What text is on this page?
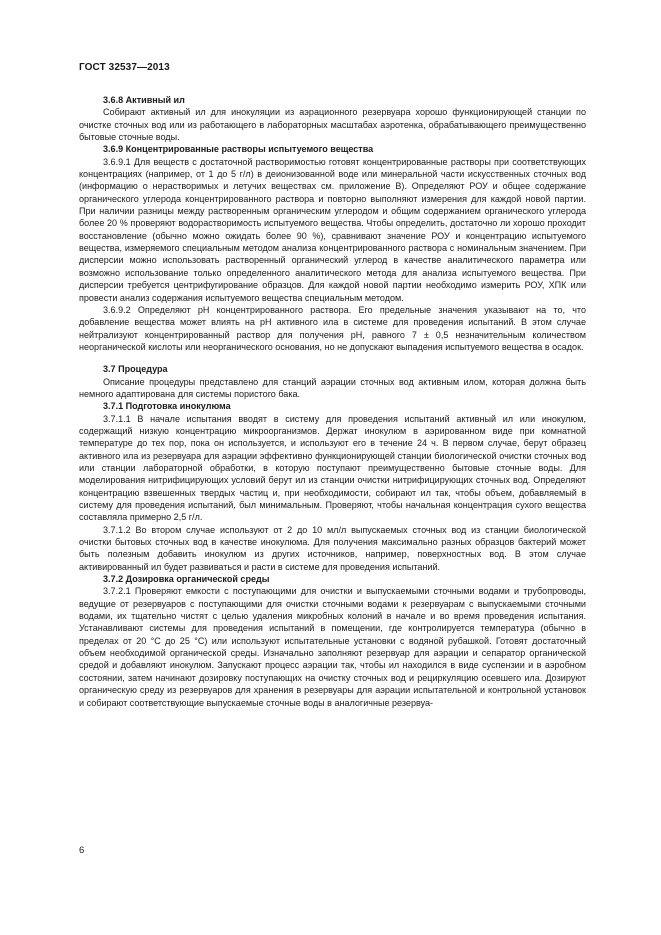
ГОСТ 32537—2013
3.6.8 Активный ил

Собирают активный ил для инокуляции из аэрационного резервуара хорошо функционирующей станции по очистке сточных вод или из работающего в лабораторных масштабах аэротенка, обрабатывающего преимущественно бытовые сточные воды.

3.6.9 Концентрированные растворы испытуемого вещества

3.6.9.1 Для веществ с достаточной растворимостью готовят концентрированные растворы при соответствующих концентрациях (например, от 1 до 5 г/л) в деионизованной воде или минеральной части искусственных сточных вод (информацию о нерастворимых и летучих веществах см. приложение В). Определяют РОУ и общее содержание органического углерода концентрированного раствора и повторно выполняют измерения для каждой новой партии. При наличии разницы между растворенным органическим углеродом и общим содержанием органического углерода более 20 % проверяют водорастворимость испытуемого вещества. Чтобы определить, достаточно ли хорошо проходит восстановление (обычно можно ожидать более 90 %), сравнивают значение РОУ и концентрацию испытуемого вещества, измеряемого специальным методом анализа концентрированного раствора с номинальным значением. При дисперсии можно использовать растворенный органический углерод в качестве аналитического параметра или возможно использование только определенного аналитического метода для анализа испытуемого вещества. При дисперсии требуется центрифугирование образцов. Для каждой новой партии необходимо измерить РОУ, ХПК или провести анализ содержания испытуемого вещества специальным методом.

3.6.9.2 Определяют pH концентрированного раствора. Его предельные значения указывают на то, что добавление вещества может влиять на pH активного ила в системе для проведения испытаний. В этом случае нейтрализуют концентрированный раствор для получения pH, равного 7 ± 0,5 незначительным количеством неорганической кислоты или неорганического основания, но не допускают выпадения испытуемого вещества в осадок.

3.7 Процедура

Описание процедуры представлено для станций аэрации сточных вод активным илом, которая должна быть немного адаптирована для системы пористого бака.

3.7.1 Подготовка инокулюма

3.7.1.1 В начале испытания вводят в систему для проведения испытаний активный ил или инокулюм, содержащий низкую концентрацию микроорганизмов. Держат инокулюм в аэрированном виде при комнатной температуре до тех пор, пока он используется, и используют его в течение 24 ч. В первом случае, берут образец активного ила из резервуара для аэрации эффективно функционирующей станции биологической очистки сточных вод или станции лабораторной обработки, в которую поступают преимущественно бытовые сточные воды. Для моделирования нитрифицирующих условий берут ил из станции очистки нитрифицирующих сточных вод. Определяют концентрацию взвешенных твердых частиц и, при необходимости, собирают ил так, чтобы объем, добавляемый в систему для проведения испытаний, был минимальным. Проверяют, чтобы начальная концентрация сухого вещества составляла примерно 2,5 г/л.

3.7.1.2 Во втором случае используют от 2 до 10 мл/л выпускаемых сточных вод из станции биологической очистки бытовых сточных вод в качестве инокулюма. Для получения максимально разных образцов бактерий может быть полезным добавить инокулюм из других источников, например, поверхностных вод. В этом случае активированный ил будет развиваться и расти в системе для проведения испытаний.

3.7.2 Дозировка органической среды

3.7.2.1 Проверяют емкости с поступающими для очистки и выпускаемыми сточными водами и трубопроводы, ведущие от резервуаров с поступающими для очистки сточными водами к резервуарам с выпускаемыми сточными водами, их тщательно чистят с целью удаления микробных колоний в начале и во время проведения испытания. Устанавливают системы для проведения испытаний в помещении, где контролируется температура (обычно в пределах от 20 °С до 25 °С) или используют испытательные установки с водяной рубашкой. Готовят достаточный объем необходимой органической среды. Изначально заполняют резервуар для аэрации и сепаратор органической средой и добавляют инокулюм. Запускают процесс аэрации так, чтобы ил находился в виде суспензии и в аэробном состоянии, затем начинают дозировку поступающих на очистку сточных вод и рециркуляцию осевшего ила. Дозируют органическую среду из резервуаров для хранения в резервуары для аэрации испытательной и контрольной установок и собирают соответствующие выпускаемые сточные воды в аналогичные резервуа-

6
